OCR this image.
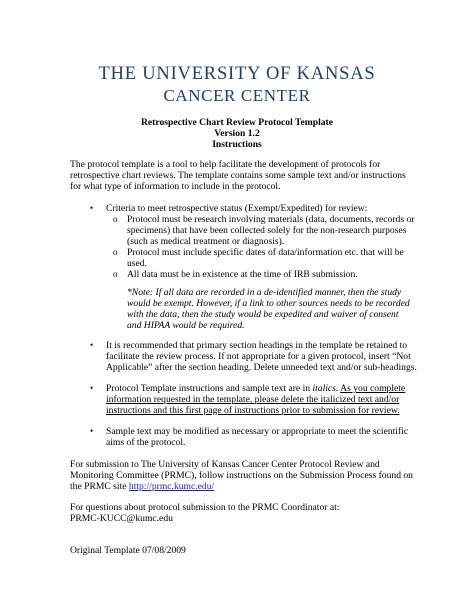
THE UNIVERSITY OF KANSAS
CANCER CENTER
Retrospective Chart Review Protocol Template
Version 1.2
Instructions
The protocol template is a tool to help facilitate the development of protocols for
retrospective chart reviews. The template contains some sample text and/or instructions
for what type of information to include in the protocol.
• Criteria to meet retrospective status (Exempt/Expedited) for review:
o Protocol must be research involving materials (data, documents, records or
specimens) that have been collected solely for the non-research purposes
(such as medical treatment or diagnosis).
o Protocol must include specific dates of data/information etc. that will be
used.
o All data must be in existence at the time of IRB submission.
*Note: If all data are recorded in a de-identified manner, then the study
would be exempt. However, if a link to other sources needs to be recorded
with the data, then the study would be expedited and waiver of consent
and HIPAA would be required.
• It is recommended that primary section headings in the template be retained to
facilitate the review process. If not appropriate for a given protocol, insert “Not
Applicable” after the section heading. Delete unneeded text and/or sub-headings.
• Protocol Template instructions and sample text are in italics. As you complete
information requested in the template, please delete the italicized text and/or
instructions and this first page of instructions prior to submission for review.
• Sample text may be modified as necessary or appropriate to meet the scientific
aims of the protocol.
For submission to The University of Kansas Cancer Center Protocol Review and
Monitoring Committee (PRMC), follow instructions on the Submission Process found on
the PRMC site http://prmc.kumc.edu/
For questions about protocol submission to the PRMC Coordinator at:
PRMC-KUCC@kumc.edu
Original Template 07/08/2009
